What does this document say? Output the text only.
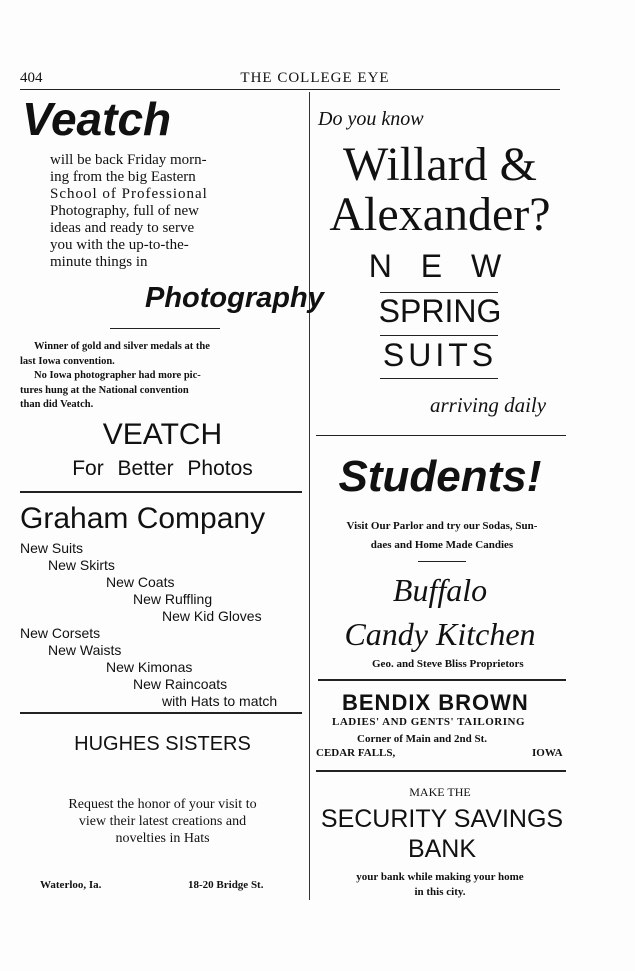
404	THE COLLEGE EYE
Veatch
will be back Friday morn-
ing from the big Eastern
School of Professional
Photography, full of new
ideas and ready to serve
you with the up-to-the-
minute things in
Photography
Winner of gold and silver medals at the
last Iowa convention.
No Iowa photographer had more pic-
tures hung at the National convention
than did Veatch.
VEATCH
For Better Photos
Graham Company
New Suits
New Skirts
New Coats
New Ruffling
New Kid Gloves
New Corsets
New Waists
New Kimonas
New Raincoats
with Hats to match
HUGHES SISTERS
Request the honor of your visit to
view their latest creations and
novelties in Hats
Waterloo, Ia.	18-20 Bridge St.
Do you know
Willard &
Alexander?
N E W
SPRING
SUITS
arriving daily
Students!
Visit Our Parlor and try our Sodas, Sun-
daes and Home Made Candies
Buffalo
Candy Kitchen
Geo. and Steve Bliss Proprietors
BENDIX BROWN
LADIES' AND GENTS' TAILORING
Corner of Main and 2nd St.
CEDAR FALLS,	IOWA
MAKE THE
SECURITY SAVINGS
BANK
your bank while making your home
in this city.
